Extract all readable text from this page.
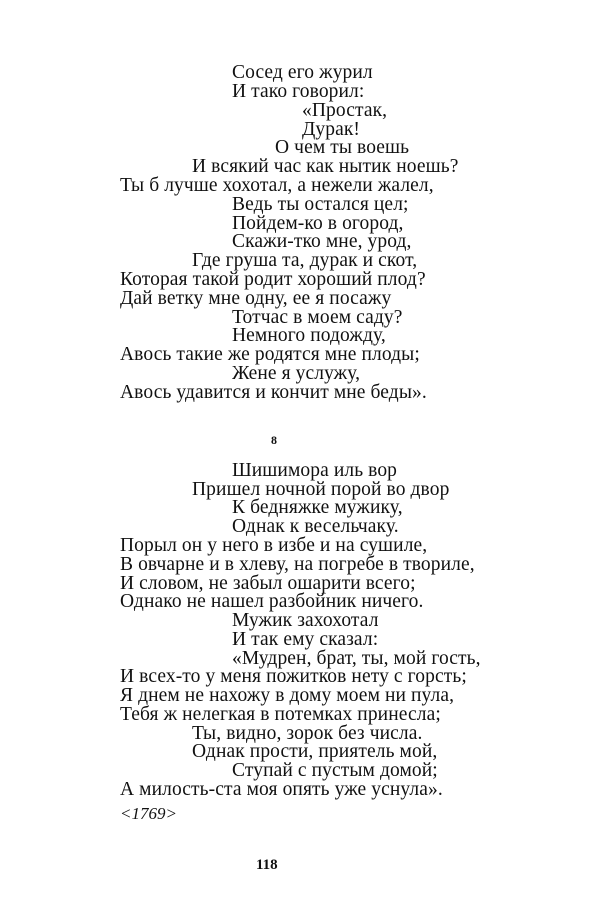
Сосед его журил
И тако говорил:
«Простак,
Дурак!
О чем ты воешь
И всякий час как нытик ноешь?
Ты б лучше хохотал, а нежели жалел,
Ведь ты остался цел;
Пойдем-ко в огород,
Скажи-тко мне, урод,
Где груша та, дурак и скот,
Которая такой родит хороший плод?
Дай ветку мне одну, ее я посажу
Тотчас в моем саду?
Немного подожду,
Авось такие же родятся мне плоды;
Жене я услужу,
Авось удавится и кончит мне беды».
8
Шишимора иль вор
Пришел ночной порой во двор
К бедняжке мужику,
Однак к весельчаку.
Порыл он у него в избе и на сушиле,
В овчарне и в хлеву, на погребе в твориле,
И словом, не забыл ошарити всего;
Однако не нашел разбойник ничего.
Мужик захохотал
И так ему сказал:
«Мудрен, брат, ты, мой гость,
И всех-то у меня пожитков нету с горсть;
Я днем не нахожу в дому моем ни пула,
Тебя ж нелегкая в потемках принесла;
Ты, видно, зорок без числа.
Однак прости, приятель мой,
Ступай с пустым домой;
А милость-ста моя опять уже уснула».
<1769>
118
